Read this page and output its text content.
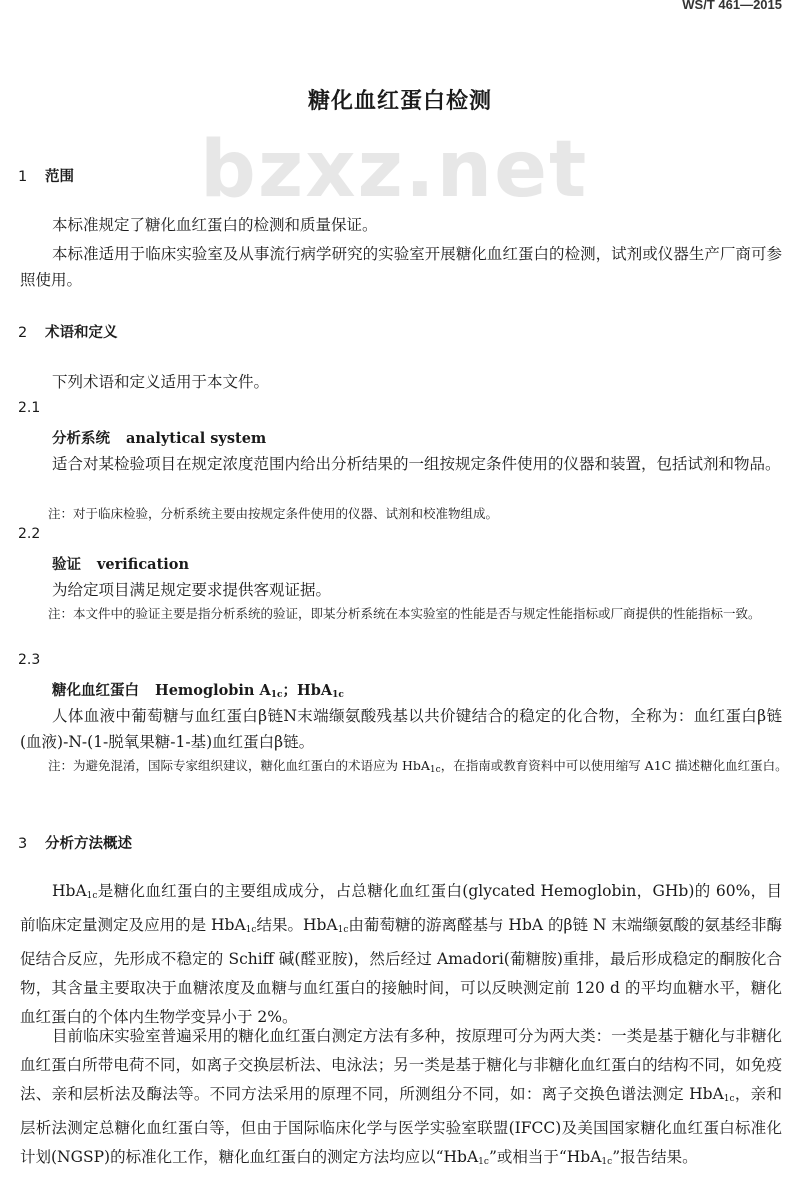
WS/T 461—2015
bzxz.net
糖化血红蛋白检测
1 范围
本标准规定了糖化血红蛋白的检测和质量保证。
本标准适用于临床实验室及从事流行病学研究的实验室开展糖化血红蛋白的检测，试剂或仪器生产厂商可参照使用。
2 术语和定义
下列术语和定义适用于本文件。
2.1
分析系统 analytical system
适合对某检验项目在规定浓度范围内给出分析结果的一组按规定条件使用的仪器和装置，包括试剂和物品。
注：对于临床检验，分析系统主要由按规定条件使用的仪器、试剂和校准物组成。
2.2
验证 verification
为给定项目满足规定要求提供客观证据。
注：本文件中的验证主要是指分析系统的验证，即某分析系统在本实验室的性能是否与规定性能指标或厂商提供的性能指标一致。
2.3
糖化血红蛋白 Hemoglobin $A_{1c}$；HbA$_{1c}$
人体血液中葡萄糖与血红蛋白β链N末端缬氨酸残基以共价键结合的稳定的化合物，全称为：血红蛋白β链(血液)-N-(1-脱氧果糖-1-基)血红蛋白β链。
注：为避免混淆，国际专家组织建议，糖化血红蛋白的术语应为 HbA$_{1c}$，在指南或教育资料中可以使用缩写 A1C 描述糖化血红蛋白。
3 分析方法概述
HbA$_{1c}$是糖化血红蛋白的主要组成成分，占总糖化血红蛋白(glycated Hemoglobin，GHb)的 60%，目前临床定量测定及应用的是 HbA$_{1c}$结果。HbA$_{1c}$由葡萄糖的游离醛基与 HbA 的β链 N 末端缬氨酸的氨基经非酶促结合反应，先形成不稳定的 Schiff 碱(醛亚胺)，然后经过 Amadori(葡糖胺)重排，最后形成稳定的酮胺化合物，其含量主要取决于血糖浓度及血糖与血红蛋白的接触时间，可以反映测定前 120 d 的平均血糖水平，糖化血红蛋白的个体内生物学变异小于 2%。
目前临床实验室普遍采用的糖化血红蛋白测定方法有多种，按原理可分为两大类：一类是基于糖化与非糖化血红蛋白所带电荷不同，如离子交换层析法、电泳法；另一类是基于糖化与非糖化血红蛋白的结构不同，如免疫法、亲和层析法及酶法等。不同方法采用的原理不同，所测组分不同，如：离子交换色谱法测定 HbA$_{1c}$，亲和层析法测定总糖化血红蛋白等，但由于国际临床化学与医学实验室联盟(IFCC)及美国国家糖化血红蛋白标准化计划(NGSP)的标准化工作，糖化血红蛋白的测定方法均应以“HbA$_{1c}$”或相当于“HbA$_{1c}$”报告结果。
